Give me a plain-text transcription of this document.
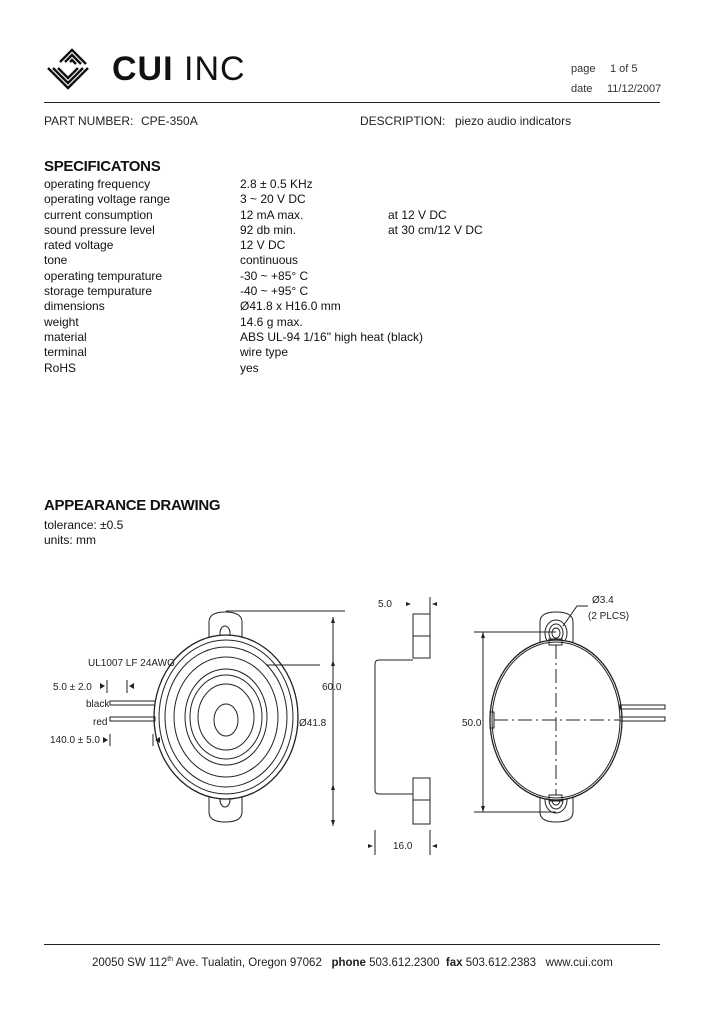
CUI INC	page 1 of 5
date 11/12/2007
PART NUMBER: CPE-350A	DESCRIPTION: piezo audio indicators
SPECIFICATONS
operating frequency	2.8 ± 0.5 KHz
operating voltage range	3 ~ 20 V DC
current consumption	12 mA max.	at 12 V DC
sound pressure level	92 db min.	at 30 cm/12 V DC
rated voltage	12 V DC
tone	continuous
operating tempurature	-30 ~ +85° C
storage tempurature	-40 ~ +95° C
dimensions	Ø41.8 x H16.0 mm
weight	14.6 g max.
material	ABS UL-94 1/16" high heat (black)
terminal	wire type
RoHS	yes
APPEARANCE DRAWING
tolerance: ±0.5
units: mm
UL1007 LF 24AWG
5.0 ± 2.0
black
red
140.0 ± 5.0
60.0
Ø41.8
5.0
16.0
50.0
Ø3.4
(2 PLCS)
20050 SW 112th Ave. Tualatin, Oregon 97062 phone 503.612.2300 fax 503.612.2383 www.cui.com
